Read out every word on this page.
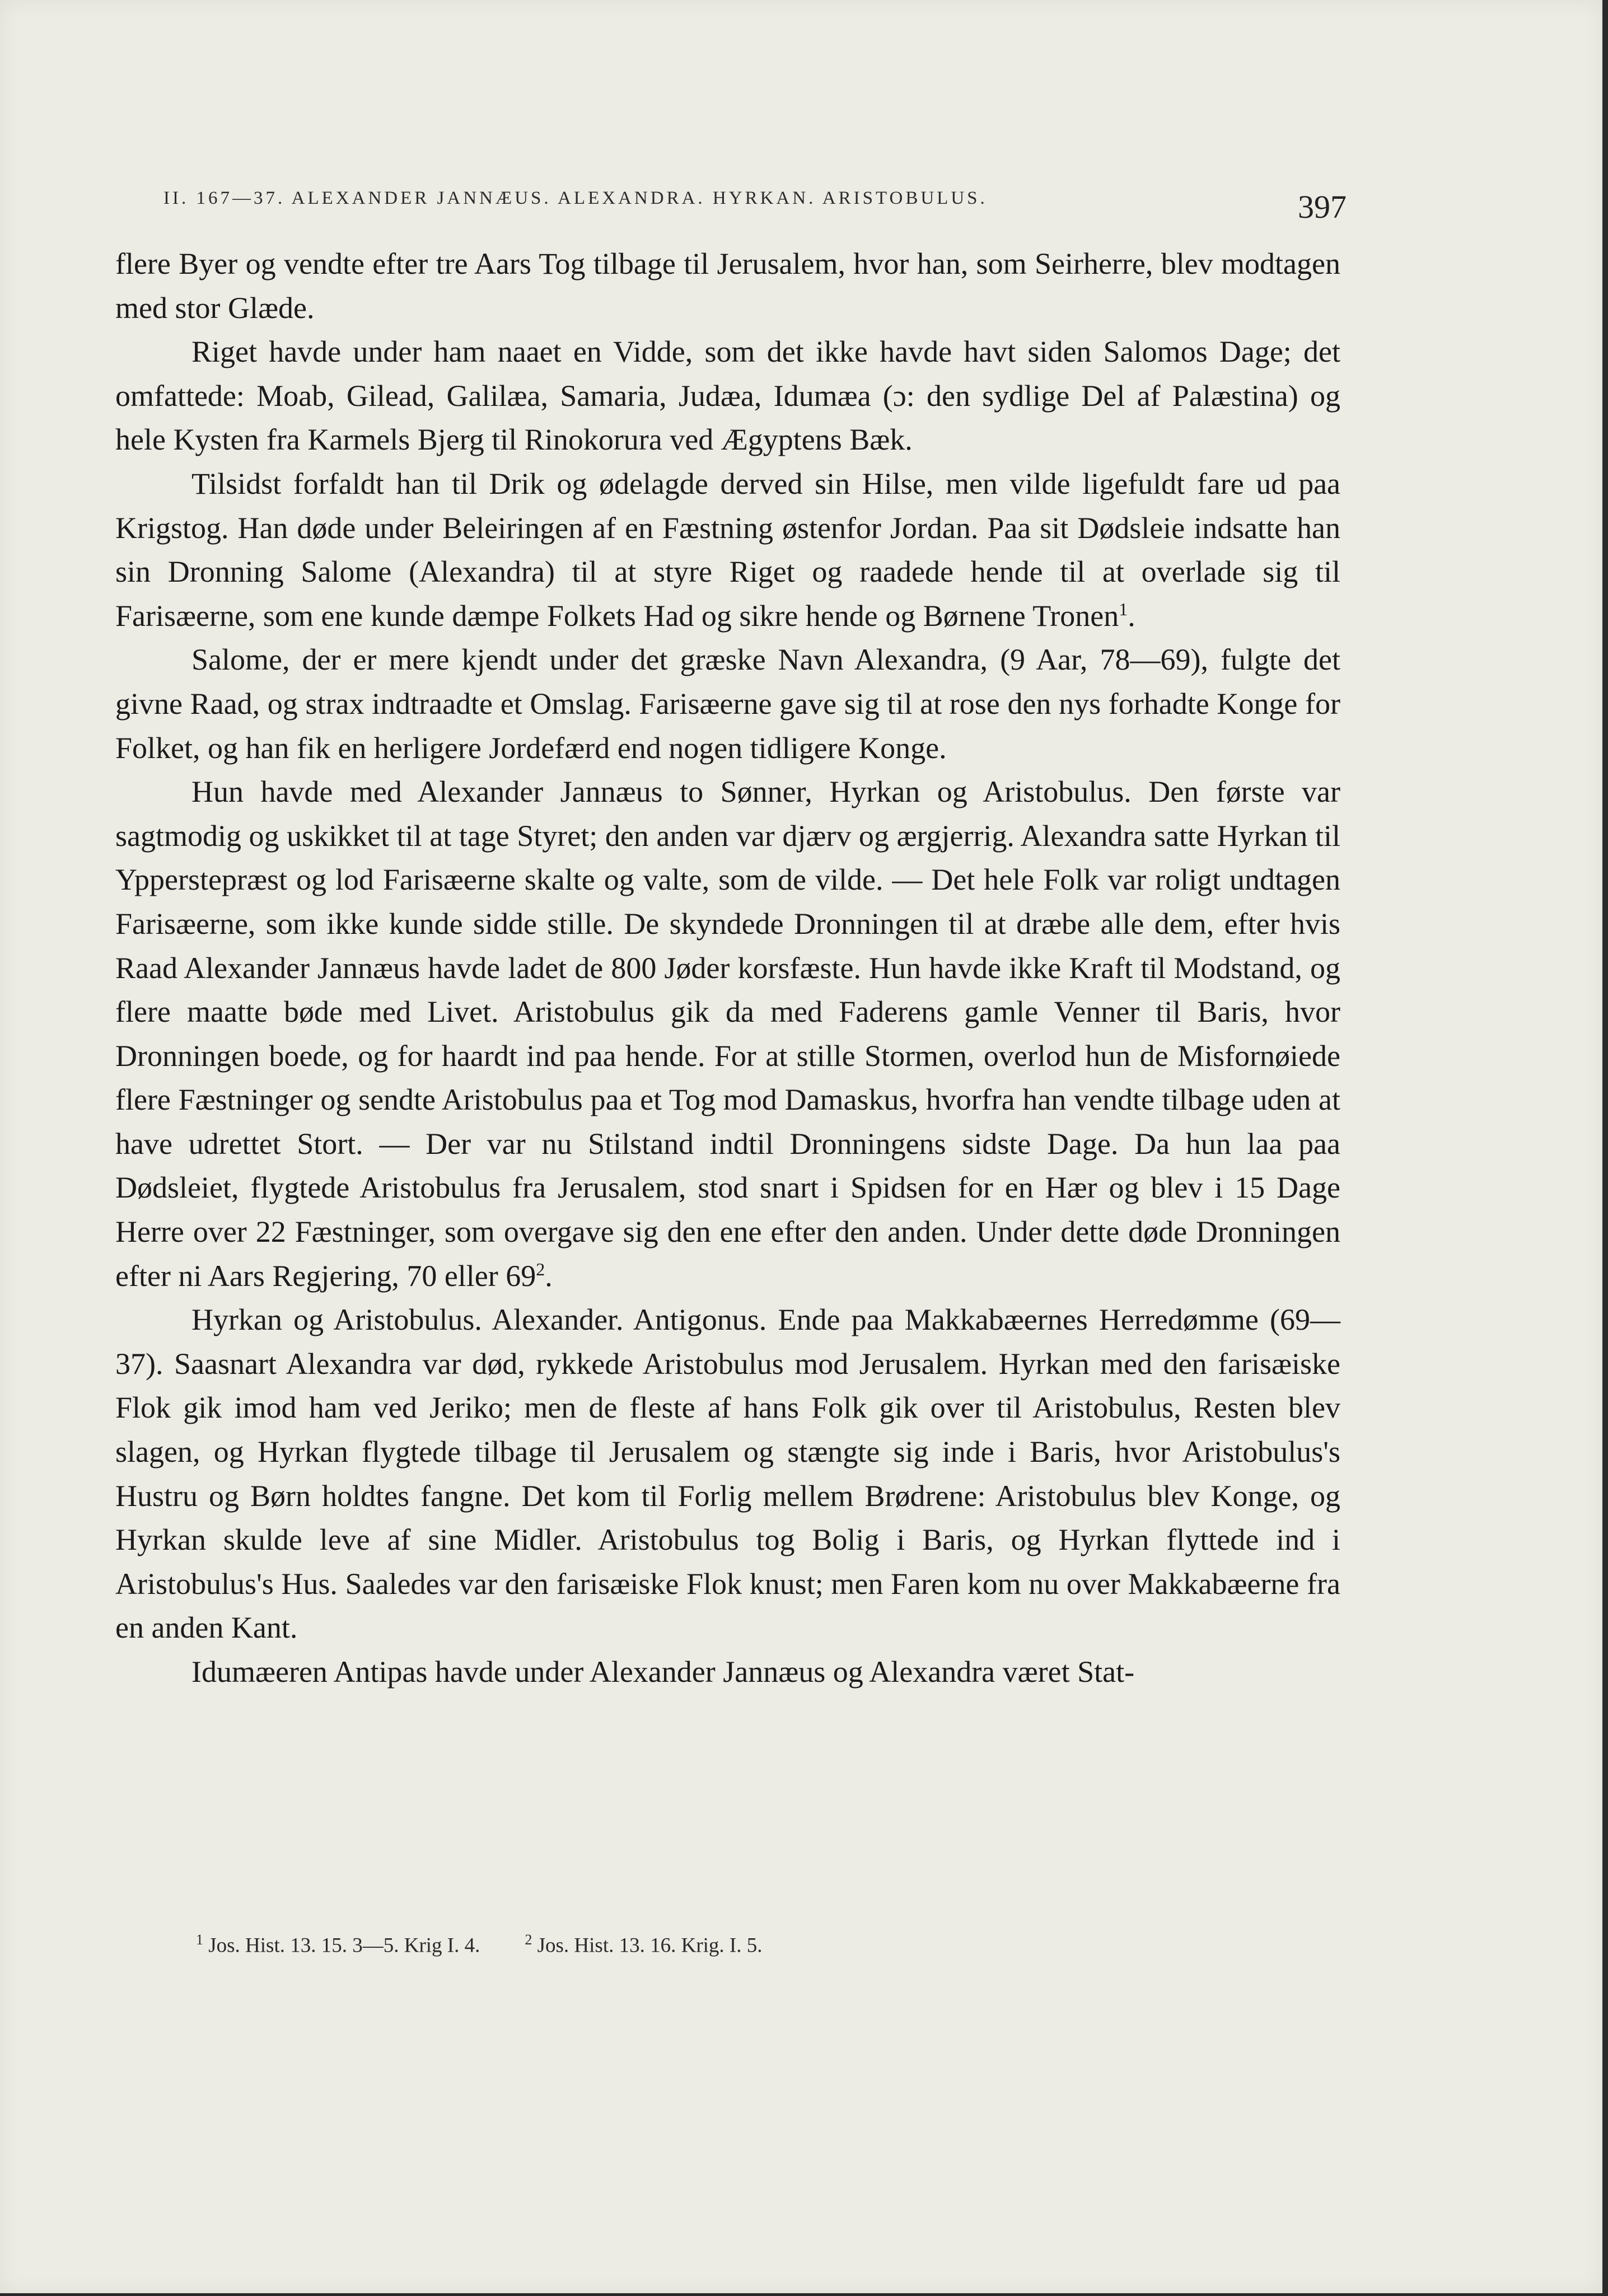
II. 167—37. ALEXANDER JANNÆUS. ALEXANDRA. HYRKAN. ARISTOBULUS.	397

flere Byer og vendte efter tre Aars Tog tilbage til Jerusalem, hvor han, som Seirherre, blev modtagen med stor Glæde.

Riget havde under ham naaet en Vidde, som det ikke havde havt siden Salomos Dage; det omfattede: Moab, Gilead, Galilæa, Samaria, Judæa, Idumæa (ɔ: den sydlige Del af Palæstina) og hele Kysten fra Karmels Bjerg til Rinokorura ved Ægyptens Bæk.

Tilsidst forfaldt han til Drik og ødelagde derved sin Hilse, men vilde ligefuldt fare ud paa Krigstog. Han døde under Beleiringen af en Fæstning østenfor Jordan. Paa sit Dødsleie indsatte han sin Dronning Salome (Alexandra) til at styre Riget og raadede hende til at overlade sig til Farisæerne, som ene kunde dæmpe Folkets Had og sikre hende og Børnene Tronen$^1$.

Salome, der er mere kjendt under det græske Navn Alexandra, (9 Aar, 78—69), fulgte det givne Raad, og strax indtraadte et Omslag. Farisæerne gave sig til at rose den nys forhadte Konge for Folket, og han fik en herligere Jordefærd end nogen tidligere Konge.

Hun havde med Alexander Jannæus to Sønner, Hyrkan og Aristobulus. Den første var sagtmodig og uskikket til at tage Styret; den anden var djærv og ærgjerrig. Alexandra satte Hyrkan til Ypperstepræst og lod Farisæerne skalte og valte, som de vilde. — Det hele Folk var roligt undtagen Farisæerne, som ikke kunde sidde stille. De skyndede Dronningen til at dræbe alle dem, efter hvis Raad Alexander Jannæus havde ladet de 800 Jøder korsfæste. Hun havde ikke Kraft til Modstand, og flere maatte bøde med Livet. Aristobulus gik da med Faderens gamle Venner til Baris, hvor Dronningen boede, og for haardt ind paa hende. For at stille Stormen, overlod hun de Misfornøiede flere Fæstninger og sendte Aristobulus paa et Tog mod Damaskus, hvorfra han vendte tilbage uden at have udrettet Stort. — Der var nu Stilstand indtil Dronningens sidste Dage. Da hun laa paa Dødsleiet, flygtede Aristobulus fra Jerusalem, stod snart i Spidsen for en Hær og blev i 15 Dage Herre over 22 Fæstninger, som overgave sig den ene efter den anden. Under dette døde Dronningen efter ni Aars Regjering, 70 eller $69^2$.

Hyrkan og Aristobulus. Alexander. Antigonus. Ende paa Makkabæernes Herredømme (69—37). Saasnart Alexandra var død, rykkede Aristobulus mod Jerusalem. Hyrkan med den farisæiske Flok gik imod ham ved Jeriko; men de fleste af hans Folk gik over til Aristobulus, Resten blev slagen, og Hyrkan flygtede tilbage til Jerusalem og stængte sig inde i Baris, hvor Aristobulus's Hustru og Børn holdtes fangne. Det kom til Forlig mellem Brødrene: Aristobulus blev Konge, og Hyrkan skulde leve af sine Midler. Aristobulus tog Bolig i Baris, og Hyrkan flyttede ind i Aristobulus's Hus. Saaledes var den farisæiske Flok knust; men Faren kom nu over Makkabæerne fra en anden Kant.

Idumæeren Antipas havde under Alexander Jannæus og Alexandra været Stat-

$^1$ Jos. Hist. 13. 15. 3—5. Krig I. 4.	$^2$ Jos. Hist. 13. 16. Krig. I. 5.
